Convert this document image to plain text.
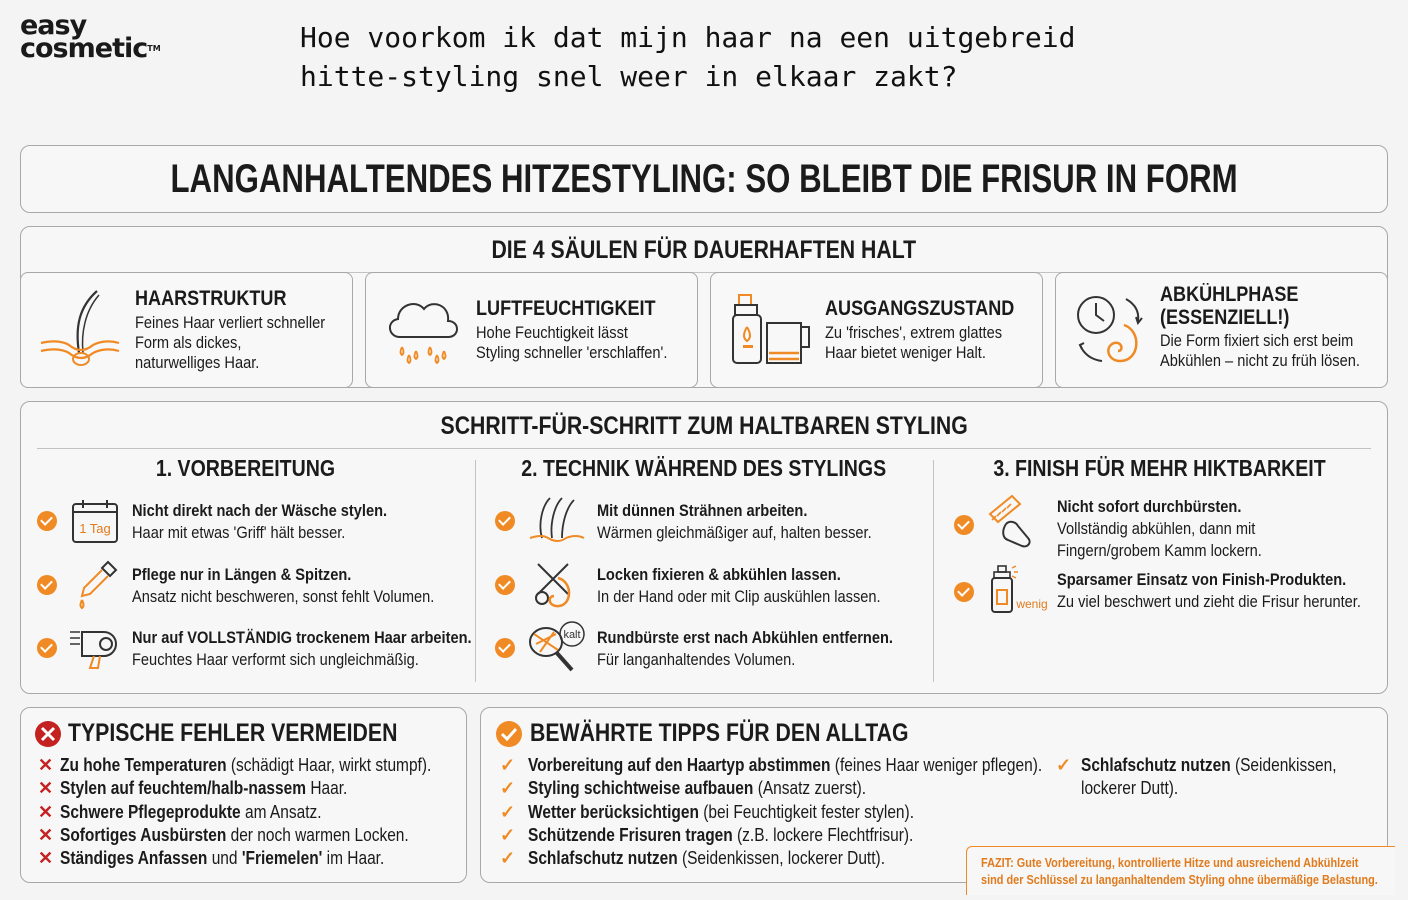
easy
cosmetic™	Hoe voorkom ik dat mijn haar na een uitgebreid
hitte-styling snel weer in elkaar zakt?
LANGANHALTENDES HITZESTYLING: SO BLEIBT DIE FRISUR IN FORM
DIE 4 SÄULEN FÜR DAUERHAFTEN HALT
HAARSTRUKTUR
Feines Haar verliert schneller Form als dickes, naturwelliges Haar.
LUFTFEUCHTIGKEIT
Hohe Feuchtigkeit lässt Styling schneller 'erschlaffen'.
AUSGANGSZUSTAND
Zu 'frisches', extrem glattes Haar bietet weniger Halt.
ABKÜHLPHASE (ESSENZIELL!)
Die Form fixiert sich erst beim Abkühlen – nicht zu früh lösen.
SCHRITT-FÜR-SCHRITT ZUM HALTBAREN STYLING
1. VORBEREITUNG	2. TECHNIK WÄHREND DES STYLINGS	3. FINISH FÜR MEHR HIKTBARKEIT
1 Tag
Nicht direkt nach der Wäsche stylen.
Haar mit etwas 'Griff' hält besser.
Pflege nur in Längen & Spitzen.
Ansatz nicht beschweren, sonst fehlt Volumen.
Nur auf VOLLSTÄNDIG trockenem Haar arbeiten.
Feuchtes Haar verformt sich ungleichmäßig.
Mit dünnen Strähnen arbeiten.
Wärmen gleichmäßiger auf, halten besser.
Locken fixieren & abkühlen lassen.
In der Hand oder mit Clip auskühlen lassen.
kalt Rundbürste erst nach Abkühlen entfernen.
Für langanhaltendes Volumen.
Nicht sofort durchbürsten.
Vollständig abkühlen, dann mit
Fingern/grobem Kamm lockern.
wenig
Sparsamer Einsatz von Finish-Produkten.
Zu viel beschwert und zieht die Frisur herunter.
TYPISCHE FEHLER VERMEIDEN
✕ Zu hohe Temperaturen (schädigt Haar, wirkt stumpf).
✕ Stylen auf feuchtem/halb-nassem Haar.
✕ Schwere Pflegeprodukte am Ansatz.
✕ Sofortiges Ausbürsten der noch warmen Locken.
✕ Ständiges Anfassen und 'Friemelen' im Haar.
BEWÄHRTE TIPPS FÜR DEN ALLTAG
✓ Vorbereitung auf den Haartyp abstimmen (feines Haar weniger pflegen).
✓ Styling schichtweise aufbauen (Ansatz zuerst).
✓ Wetter berücksichtigen (bei Feuchtigkeit fester stylen).
✓ Schützende Frisuren tragen (z.B. lockere Flechtfrisur).
✓ Schlafschutz nutzen (Seidenkissen, lockerer Dutt).
✓ Schlafschutz nutzen (Seidenkissen,
lockerer Dutt).
FAZIT: Gute Vorbereitung, kontrollierte Hitze und ausreichend Abkühlzeit
sind der Schlüssel zu langanhaltendem Styling ohne übermäßige Belastung.
